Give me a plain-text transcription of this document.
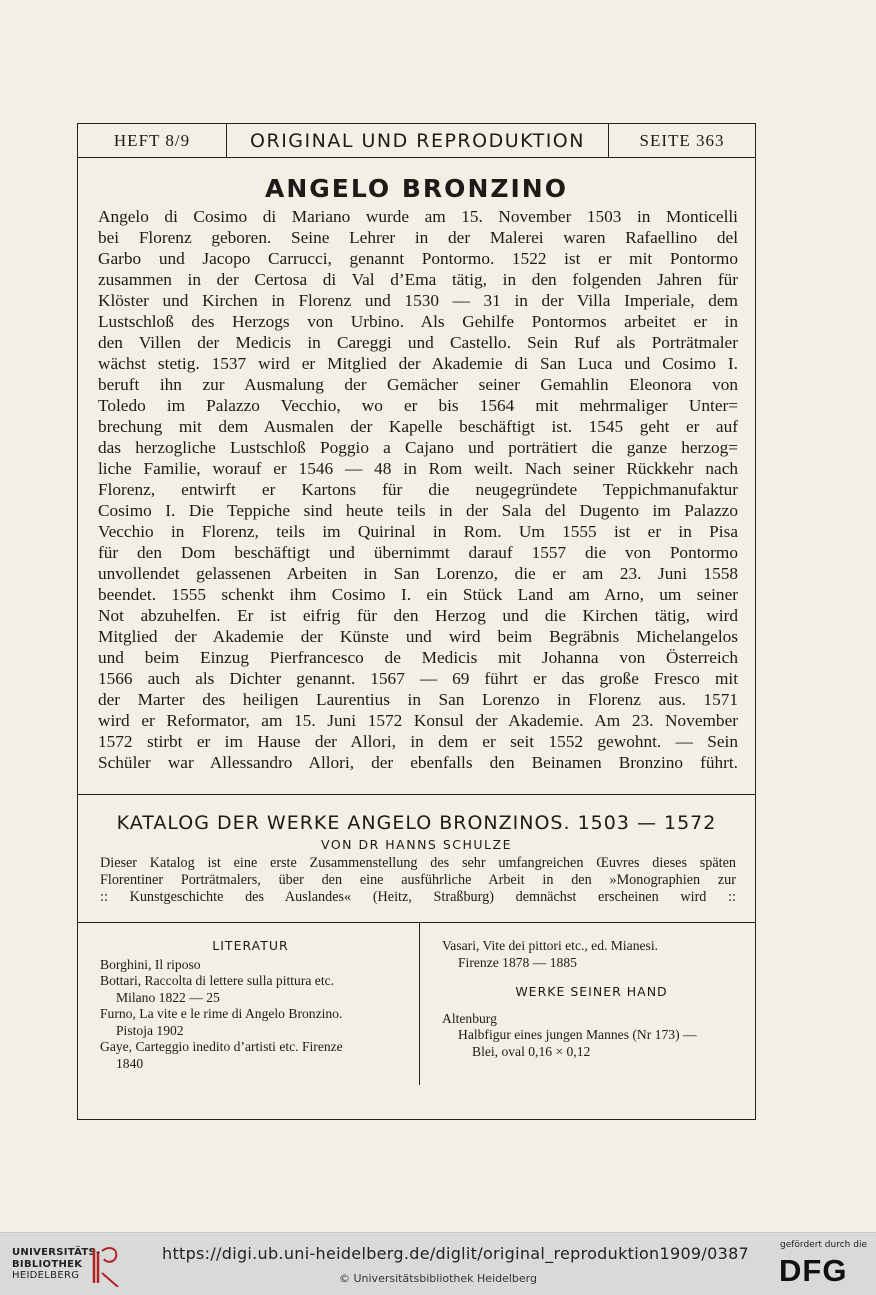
HEFT 8/9	ORIGINAL UND REPRODUKTION	SEITE 363
ANGELO BRONZINO
Angelo di Cosimo di Mariano wurde am 15. November 1503 in Monticelli
bei Florenz geboren. Seine Lehrer in der Malerei waren Rafaellino del
Garbo und Jacopo Carrucci, genannt Pontormo. 1522 ist er mit Pontormo
zusammen in der Certosa di Val d’Ema tätig, in den folgenden Jahren für
Klöster und Kirchen in Florenz und 1530 — 31 in der Villa Imperiale, dem
Lustschloß des Herzogs von Urbino. Als Gehilfe Pontormos arbeitet er in
den Villen der Medicis in Careggi und Castello. Sein Ruf als Porträtmaler
wächst stetig. 1537 wird er Mitglied der Akademie di San Luca und Cosimo I.
beruft ihn zur Ausmalung der Gemächer seiner Gemahlin Eleonora von
Toledo im Palazzo Vecchio, wo er bis 1564 mit mehrmaliger Unter=
brechung mit dem Ausmalen der Kapelle beschäftigt ist. 1545 geht er auf
das herzogliche Lustschloß Poggio a Cajano und porträtiert die ganze herzog=
liche Familie, worauf er 1546 — 48 in Rom weilt. Nach seiner Rückkehr nach
Florenz, entwirft er Kartons für die neugegründete Teppichmanufaktur
Cosimo I. Die Teppiche sind heute teils in der Sala del Dugento im Palazzo
Vecchio in Florenz, teils im Quirinal in Rom. Um 1555 ist er in Pisa
für den Dom beschäftigt und übernimmt darauf 1557 die von Pontormo
unvollendet gelassenen Arbeiten in San Lorenzo, die er am 23. Juni 1558
beendet. 1555 schenkt ihm Cosimo I. ein Stück Land am Arno, um seiner
Not abzuhelfen. Er ist eifrig für den Herzog und die Kirchen tätig, wird
Mitglied der Akademie der Künste und wird beim Begräbnis Michelangelos
und beim Einzug Pierfrancesco de Medicis mit Johanna von Österreich
1566 auch als Dichter genannt. 1567 — 69 führt er das große Fresco mit
der Marter des heiligen Laurentius in San Lorenzo in Florenz aus. 1571
wird er Reformator, am 15. Juni 1572 Konsul der Akademie. Am 23. November
1572 stirbt er im Hause der Allori, in dem er seit 1552 gewohnt. — Sein
Schüler war Allessandro Allori, der ebenfalls den Beinamen Bronzino führt.
KATALOG DER WERKE ANGELO BRONZINOS. 1503 — 1572
VON DR HANNS SCHULZE
Dieser Katalog ist eine erste Zusammenstellung des sehr umfangreichen Œuvres dieses späten
Florentiner Porträtmalers, über den eine ausführliche Arbeit in den »Monographien zur
:: Kunstgeschichte des Auslandes« (Heitz, Straßburg) demnächst erscheinen wird ::
LITERATUR
Borghini, Il riposo
Bottari, Raccolta di lettere sulla pittura etc.
Milano 1822 — 25
Furno, La vite e le rime di Angelo Bronzino.
Pistoja 1902
Gaye, Carteggio inedito d’artisti etc. Firenze
1840
Vasari, Vite dei pittori etc., ed. Mianesi.
Firenze 1878 — 1885
WERKE SEINER HAND
Altenburg
Halbfigur eines jungen Mannes (Nr 173) —
Blei, oval 0,16 × 0,12
UNIVERSITÄTS-
BIBLIOTHEK
HEIDELBERG
https://digi.ub.uni-heidelberg.de/diglit/original_reproduktion1909/0387
© Universitätsbibliothek Heidelberg
gefördert durch die
DFG
